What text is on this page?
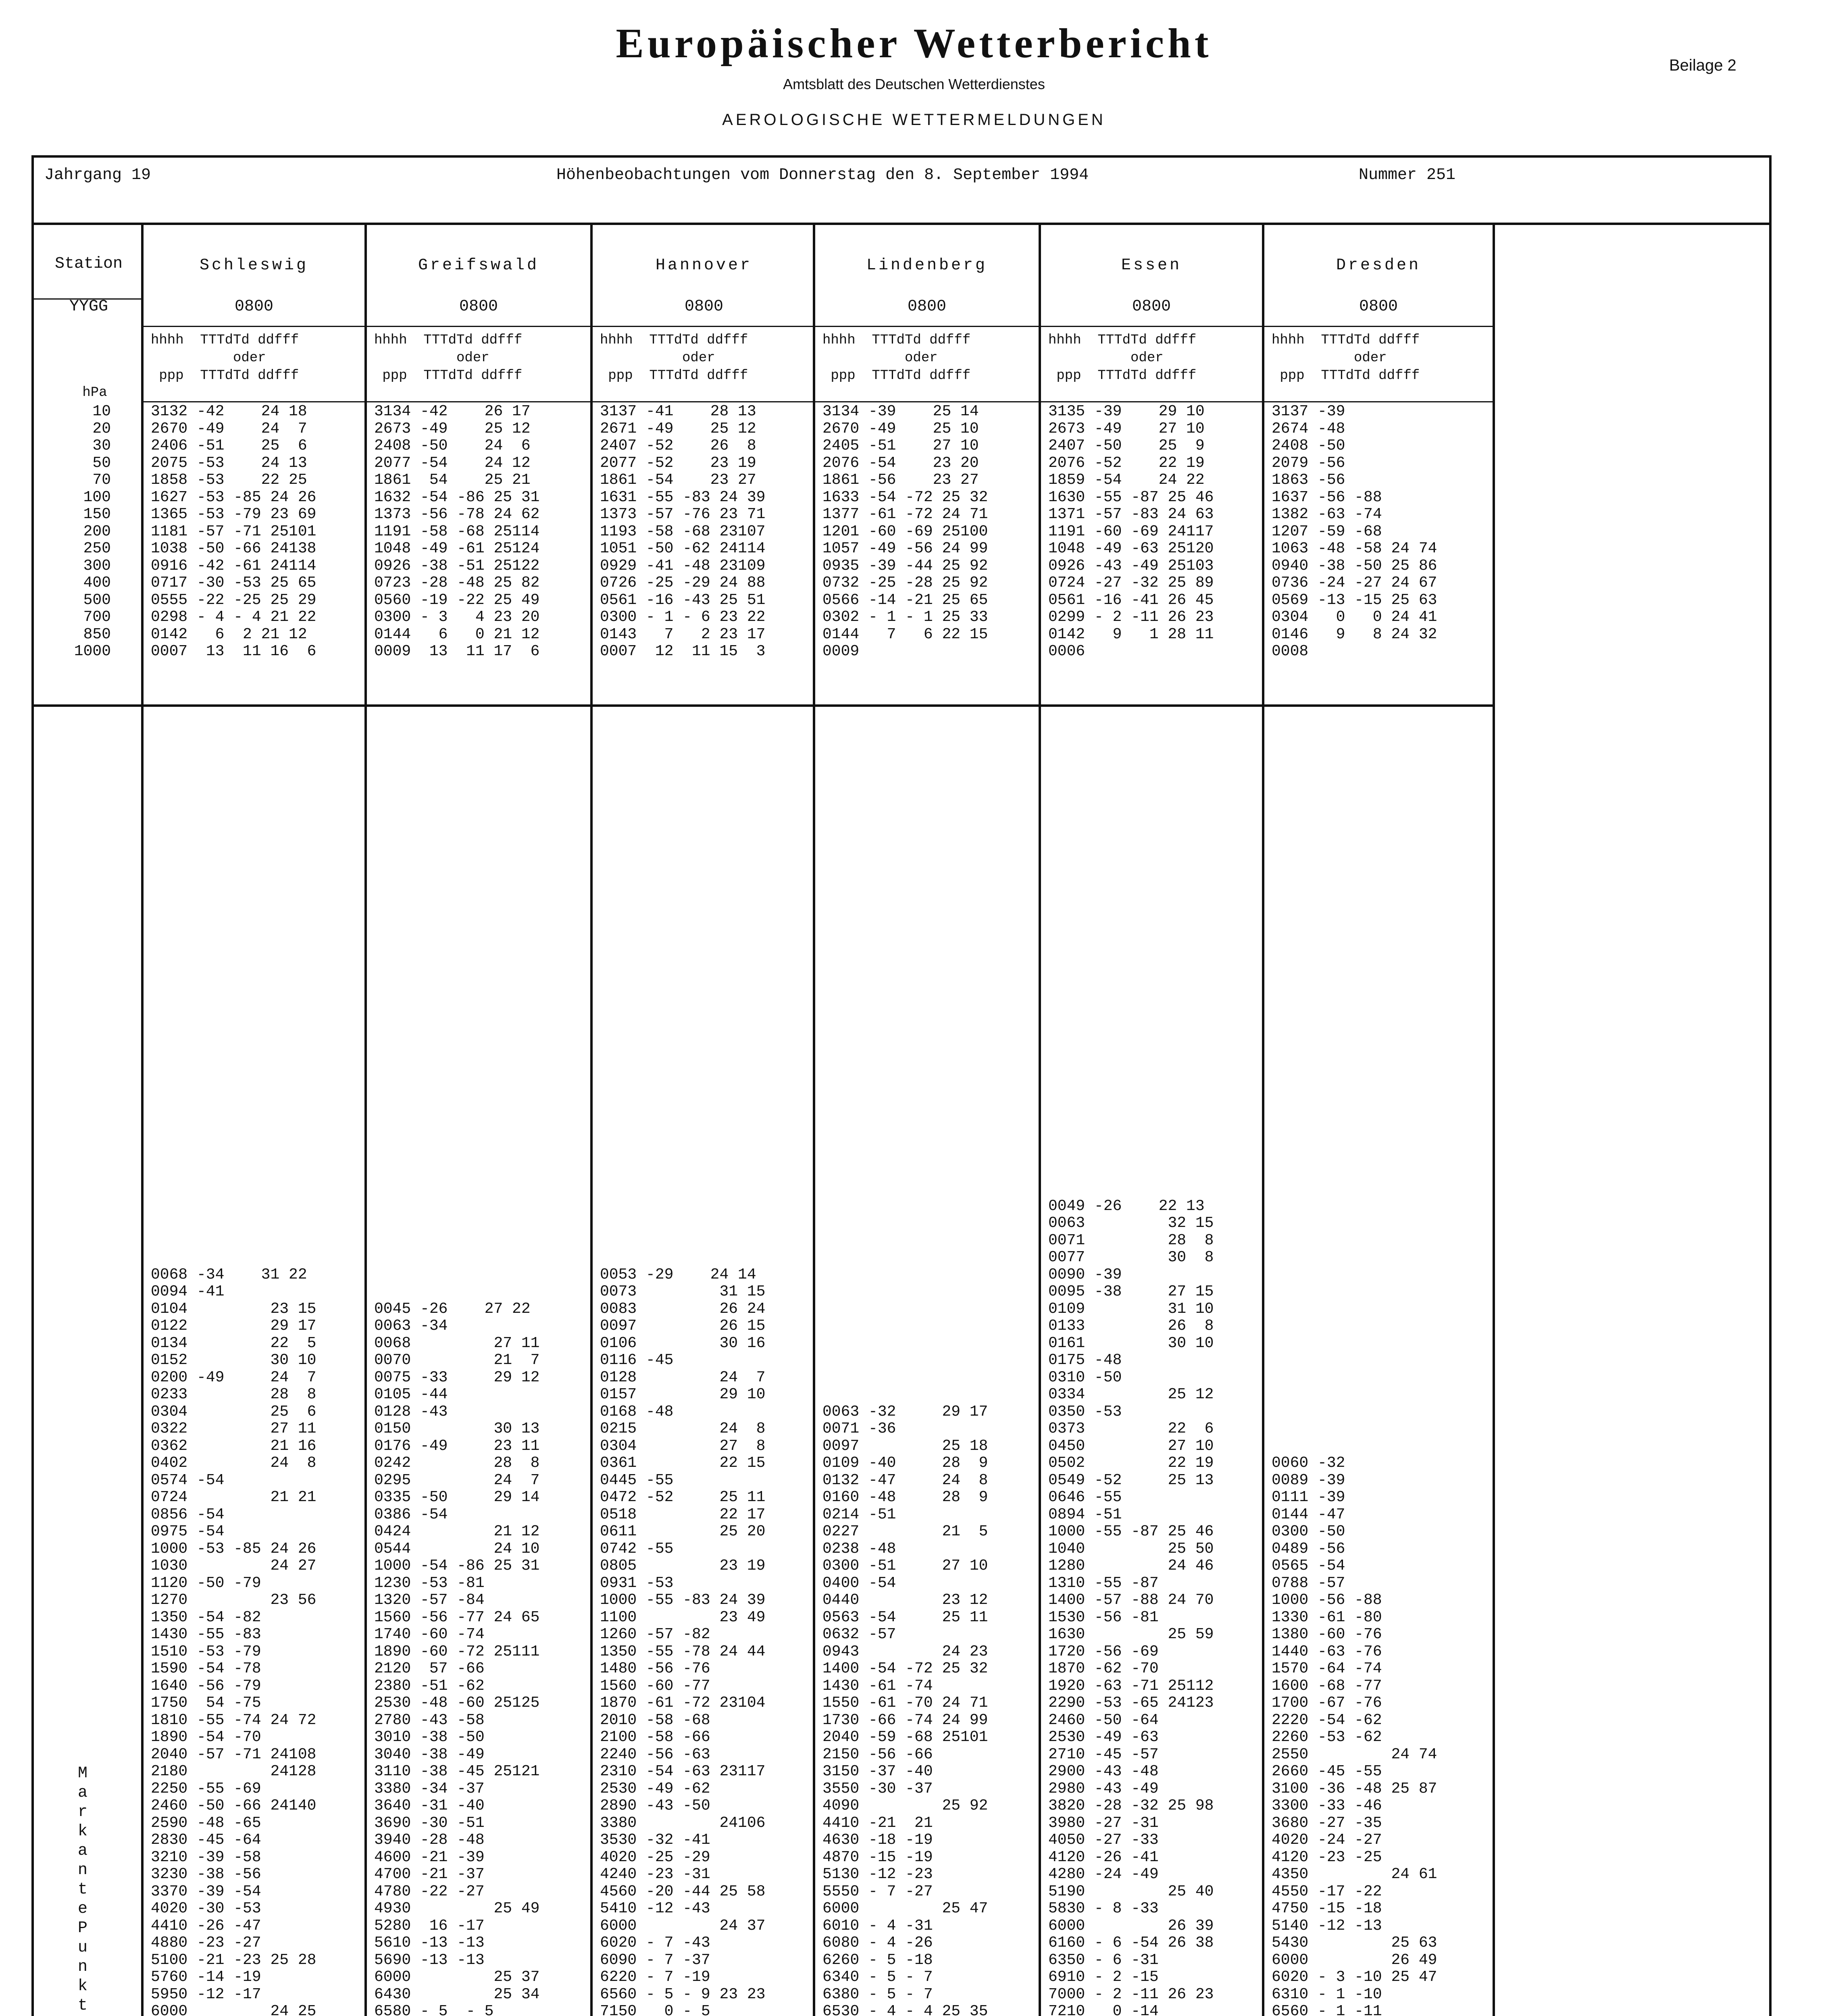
Europäischer Wetterbericht
Amtsblatt des Deutschen Wetterdienstes
AEROLOGISCHE WETTERMELDUNGEN
Beilage 2
Jahrgang 19	Höhenbeobachtungen vom Donnerstag den 8. September 1994	Nummer 251
Station
YYGG
hPa
10
20
30
50
70
100
150
200
250
300
400
500
700
850
1000
MarkantePunkt

Schleswig
0800
hhhh  TTTdTd ddfff
oder
ppp  TTTdTd ddfff
3132 -42    24 18
2670 -49    24  7
2406 -51    25  6
2075 -53    24 13
1858 -53    22 25
1627 -53 -85 24 26
1365 -53 -79 23 69
1181 -57 -71 25101
1038 -50 -66 24138
0916 -42 -61 24114
0717 -30 -53 25 65
0555 -22 -25 25 29
0298 - 4 - 4 21 22
0142   6  2 21 12
0007  13  11 16  6
0068 -34    31 22
0094 -41
0104         23 15
0122         29 17
0134         22  5
0152         30 10
0200 -49     24  7
0233         28  8
0304         25  6
0322         27 11
0362         21 16
0402         24  8
0574 -54
0724         21 21
0856 -54
0975 -54
1000 -53 -85 24 26
1030         24 27
1120 -50 -79
1270         23 56
1350 -54 -82
1430 -55 -83
1510 -53 -79
1590 -54 -78
1640 -56 -79
1750  54 -75
1810 -55 -74 24 72
1890 -54 -70
2040 -57 -71 24108
2180         24128
2250 -55 -69
2460 -50 -66 24140
2590 -48 -65
2830 -45 -64
3210 -39 -58
3230 -38 -56
3370 -39 -54
4020 -30 -53
4410 -26 -47
4880 -23 -27
5100 -21 -23 25 28
5760 -14 -19
5950 -12 -17
6000         24 25

Greifswald
0800
hhhh  TTTdTd ddfff
oder
ppp  TTTdTd ddfff
3134 -42    26 17
2673 -49    25 12
2408 -50    24  6
2077 -54    24 12
1861  54    25 21
1632 -54 -86 25 31
1373 -56 -78 24 62
1191 -58 -68 25114
1048 -49 -61 25124
0926 -38 -51 25122
0723 -28 -48 25 82
0560 -19 -22 25 49
0300 - 3   4 23 20
0144   6   0 21 12
0009  13  11 17  6

0045 -26    27 22
0063 -34
0068         27 11
0070         21  7
0075 -33     29 12
0105 -44
0128 -43
0150         30 13
0176 -49     23 11
0242         28  8
0295         24  7
0335 -50     29 14
0386 -54
0424         21 12
0544         24 10
1000 -54 -86 25 31
1230 -53 -81
1320 -57 -84
1560 -56 -77 24 65
1740 -60 -74
1890 -60 -72 25111
2120  57 -66
2380 -51 -62
2530 -48 -60 25125
2780 -43 -58
3010 -38 -50
3040 -38 -49
3110 -38 -45 25121
3380 -34 -37
3640 -31 -40
3690 -30 -51
3940 -28 -48
4600 -21 -39
4700 -21 -37
4780 -22 -27
4930         25 49
5280  16 -17
5610 -13 -13
5690 -13 -13
6000         25 37
6430         25 34
6580 - 5  - 5

Hannover
0800
hhhh  TTTdTd ddfff
oder
ppp  TTTdTd ddfff
3137 -41    28 13
2671 -49    25 12
2407 -52    26  8
2077 -52    23 19
1861 -54    23 27
1631 -55 -83 24 39
1373 -57 -76 23 71
1193 -58 -68 23107
1051 -50 -62 24114
0929 -41 -48 23109
0726 -25 -29 24 88
0561 -16 -43 25 51
0300 - 1 - 6 23 22
0143   7   2 23 17
0007  12  11 15  3
0053 -29    24 14
0073         31 15
0083         26 24
0097         26 15
0106         30 16
0116 -45
0128         24  7
0157         29 10
0168 -48
0215         24  8
0304         27  8
0361         22 15
0445 -55
0472 -52     25 11
0518         22 17
0611         25 20
0742 -55
0805         23 19
0931 -53
1000 -55 -83 24 39
1100         23 49
1260 -57 -82
1350 -55 -78 24 44
1480 -56 -76
1560 -60 -77
1870 -61 -72 23104
2010 -58 -68
2100 -58 -66
2240 -56 -63
2310 -54 -63 23117
2530 -49 -62
2890 -43 -50
3380         24106
3530 -32 -41
4020 -25 -29
4240 -23 -31
4560 -20 -44 25 58
5410 -12 -43
6000         24 37
6020 - 7 -43
6090 - 7 -37
6220 - 7 -19
6560 - 5 - 9 23 23
7150   0 - 5

Lindenberg
0800
hhhh  TTTdTd ddfff
oder
ppp  TTTdTd ddfff
3134 -39    25 14
2670 -49    25 10
2405 -51    27 10
2076 -54    23 20
1861 -56    23 27
1633 -54 -72 25 32
1377 -61 -72 24 71
1201 -60 -69 25100
1057 -49 -56 24 99
0935 -39 -44 25 92
0732 -25 -28 25 92
0566 -14 -21 25 65
0302 - 1 - 1 25 33
0144   7   6 22 15
0009

0063 -32     29 17
0071 -36
0097         25 18
0109 -40     28  9
0132 -47     24  8
0160 -48     28  9
0214 -51
0227         21  5
0238 -48
0300 -51     27 10
0400 -54
0440         23 12
0563 -54     25 11
0632 -57
0943         24 23
1400 -54 -72 25 32
1430 -61 -74
1550 -61 -70 24 71
1730 -66 -74 24 99
2040 -59 -68 25101
2150 -56 -66
3150 -37 -40
3550 -30 -37
4090         25 92
4410 -21  21
4630 -18 -19
4870 -15 -19
5130 -12 -23
5550 - 7 -27
6000         25 47
6010 - 4 -31
6080 - 4 -26
6260 - 5 -18
6340 - 5 - 7
6380 - 5 - 7
6530 - 4 - 4 25 35

Essen
0800
hhhh  TTTdTd ddfff
oder
ppp  TTTdTd ddfff
3135 -39    29 10
2673 -49    27 10
2407 -50    25  9
2076 -52    22 19
1859 -54    24 22
1630 -55 -87 25 46
1371 -57 -83 24 63
1191 -60 -69 24117
1048 -49 -63 25120
0926 -43 -49 25103
0724 -27 -32 25 89
0561 -16 -41 26 45
0299 - 2 -11 26 23
0142   9   1 28 11
0006
0049 -26    22 13
0063         32 15
0071         28  8
0077         30  8
0090 -39
0095 -38     27 15
0109         31 10
0133         26  8
0161         30 10
0175 -48
0310 -50
0334         25 12
0350 -53
0373         22  6
0450         27 10
0502         22 19
0549 -52     25 13
0646 -55
0894 -51
1000 -55 -87 25 46
1040         25 50
1280         24 46
1310 -55 -87
1400 -57 -88 24 70
1530 -56 -81
1630         25 59
1720 -56 -69
1870 -62 -70
1920 -63 -71 25112
2290 -53 -65 24123
2460 -50 -64
2530 -49 -63
2710 -45 -57
2900 -43 -48
2980 -43 -49
3820 -28 -32 25 98
3980 -27 -31
4050 -27 -33
4120 -26 -41
4280 -24 -49
5190         25 40
5830 - 8 -33
6000         26 39
6160 - 6 -54 26 38
6350 - 6 -31
6910 - 2 -15
7000 - 2 -11 26 23
7210   0 -14

Dresden
0800
hhhh  TTTdTd ddfff
oder
ppp  TTTdTd ddfff
3137 -39
2674 -48
2408 -50
2079 -56
1863 -56
1637 -56 -88
1382 -63 -74
1207 -59 -68
1063 -48 -58 24 74
0940 -38 -50 25 86
0736 -24 -27 24 67
0569 -13 -15 25 63
0304   0   0 24 41
0146   9   8 24 32
0008

0060 -32
0089 -39
0111 -39
0144 -47
0300 -50
0489 -56
0565 -54
0788 -57
1000 -56 -88
1330 -61 -80
1380 -60 -76
1440 -63 -76
1570 -64 -74
1600 -68 -77
1700 -67 -76
2220 -54 -62
2260 -53 -62
2550         24 74
2660 -45 -55
3100 -36 -48 25 87
3300 -33 -46
3680 -27 -35
4020 -24 -27
4120 -23 -25
4350         24 61
4550 -17 -22
4750 -15 -18
5140 -12 -13
5430         25 63
6000         26 49
6020 - 3 -10 25 47
6310 - 1 -10
6560 - 1 -11
